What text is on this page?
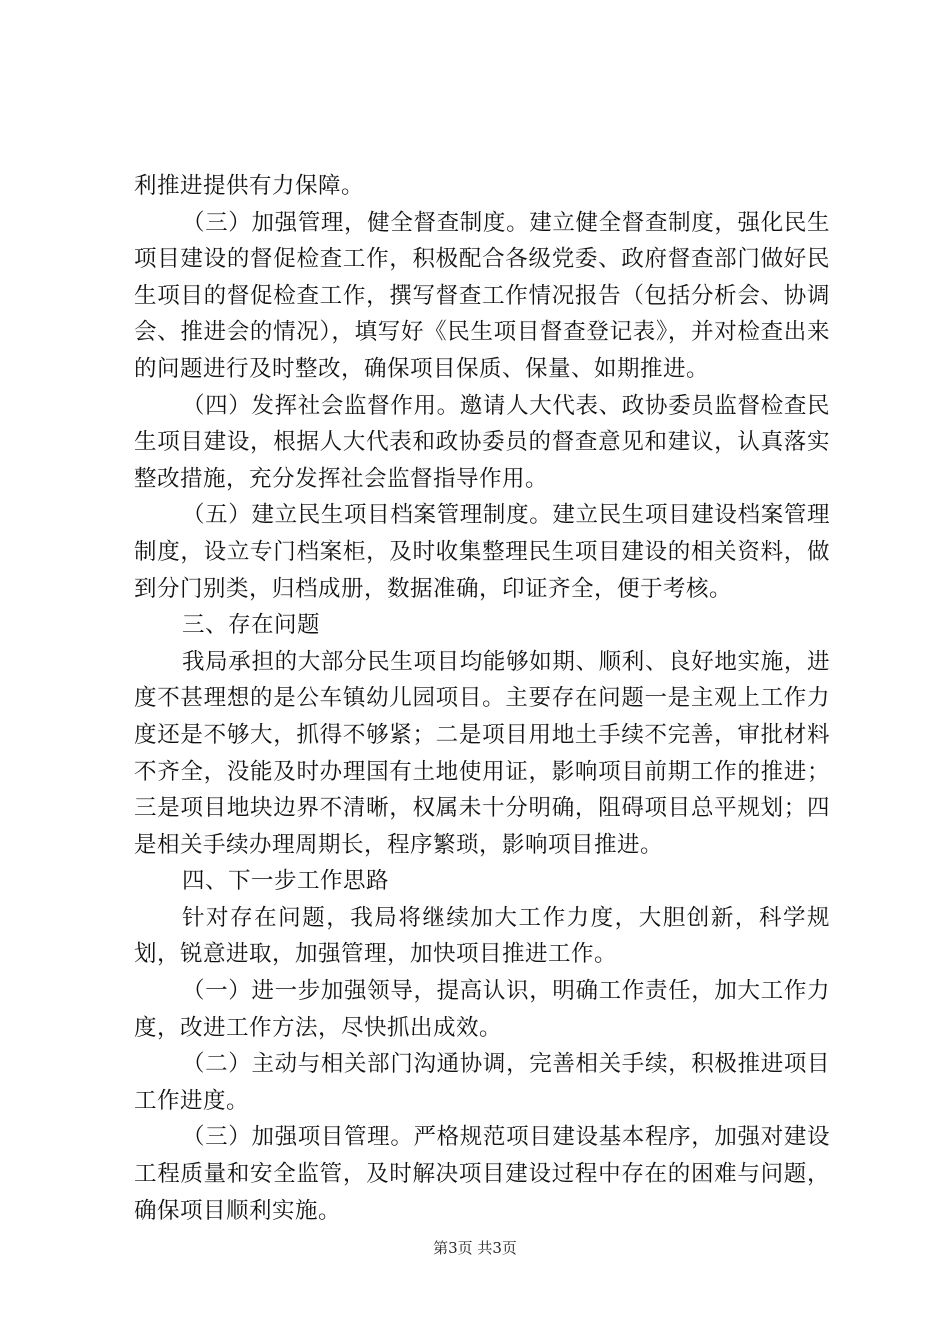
利推进提供有力保障。

（三）加强管理，健全督查制度。建立健全督查制度，强化民生项目建设的督促检查工作，积极配合各级党委、政府督查部门做好民生项目的督促检查工作，撰写督查工作情况报告（包括分析会、协调会、推进会的情况），填写好《民生项目督查登记表》，并对检查出来的问题进行及时整改，确保项目保质、保量、如期推进。

（四）发挥社会监督作用。邀请人大代表、政协委员监督检查民生项目建设，根据人大代表和政协委员的督查意见和建议，认真落实整改措施，充分发挥社会监督指导作用。

（五）建立民生项目档案管理制度。建立民生项目建设档案管理制度，设立专门档案柜，及时收集整理民生项目建设的相关资料，做到分门别类，归档成册，数据准确，印证齐全，便于考核。

三、存在问题

我局承担的大部分民生项目均能够如期、顺利、良好地实施，进度不甚理想的是公车镇幼儿园项目。主要存在问题一是主观上工作力度还是不够大，抓得不够紧；二是项目用地土手续不完善，审批材料不齐全，没能及时办理国有土地使用证，影响项目前期工作的推进；三是项目地块边界不清晰，权属未十分明确，阻碍项目总平规划；四是相关手续办理周期长，程序繁琐，影响项目推进。

四、下一步工作思路

针对存在问题，我局将继续加大工作力度，大胆创新，科学规划，锐意进取，加强管理，加快项目推进工作。

（一）进一步加强领导，提高认识，明确工作责任，加大工作力度，改进工作方法，尽快抓出成效。

（二）主动与相关部门沟通协调，完善相关手续，积极推进项目工作进度。

（三）加强项目管理。严格规范项目建设基本程序，加强对建设工程质量和安全监管，及时解决项目建设过程中存在的困难与问题，确保项目顺利实施。

第3页 共3页
